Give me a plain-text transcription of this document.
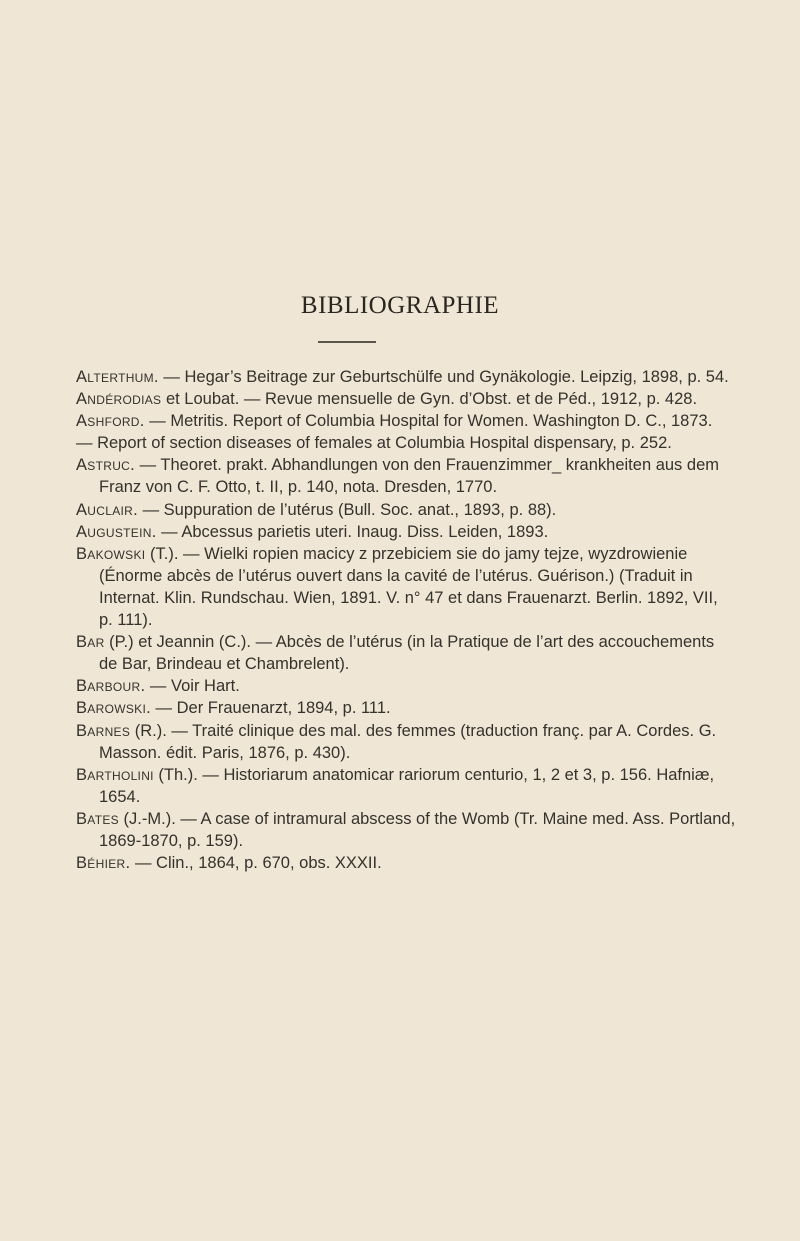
BIBLIOGRAPHIE

Alterthum. — Hegar’s Beitrage zur Geburtschülfe und Gynäkologie. Leipzig, 1898, p. 54.

Andérodias et Loubat. — Revue mensuelle de Gyn. d’Obst. et de Péd., 1912, p. 428.

Ashford. — Metritis. Report of Columbia Hospital for Women. Washington D. C., 1873.

— Report of section diseases of females at Columbia Hospital dispensary, p. 252.

Astruc. — Theoret. prakt. Abhandlungen von den Frauenzimmer_ krankheiten aus dem Franz von C. F. Otto, t. II, p. 140, nota. Dresden, 1770.

Auclair. — Suppuration de l’utérus (Bull. Soc. anat., 1893, p. 88).

Augustein. — Abcessus parietis uteri. Inaug. Diss. Leiden, 1893.

Bakowski (T.). — Wielki ropien macicy z przebiciem sie do jamy tejze, wyzdrowienie (Énorme abcès de l’utérus ouvert dans la cavité de l’utérus. Guérison.) (Traduit in Internat. Klin. Rundschau. Wien, 1891. V. n° 47 et dans Frauenarzt. Berlin. 1892, VII, p. 111).

Bar (P.) et Jeannin (C.). — Abcès de l’utérus (in la Pratique de l’art des accouchements de Bar, Brindeau et Chambrelent).

Barbour. — Voir Hart.

Barowski. — Der Frauenarzt, 1894, p. 111.

Barnes (R.). — Traité clinique des mal. des femmes (traduction franç. par A. Cordes. G. Masson. édit. Paris, 1876, p. 430).

Bartholini (Th.). — Historiarum anatomicar rariorum centurio, 1, 2 et 3, p. 156. Hafniæ, 1654.

Bates (J.-M.). — A case of intramural abscess of the Womb (Tr. Maine med. Ass. Portland, 1869-1870, p. 159).

Béhier. — Clin., 1864, p. 670, obs. XXXII.
